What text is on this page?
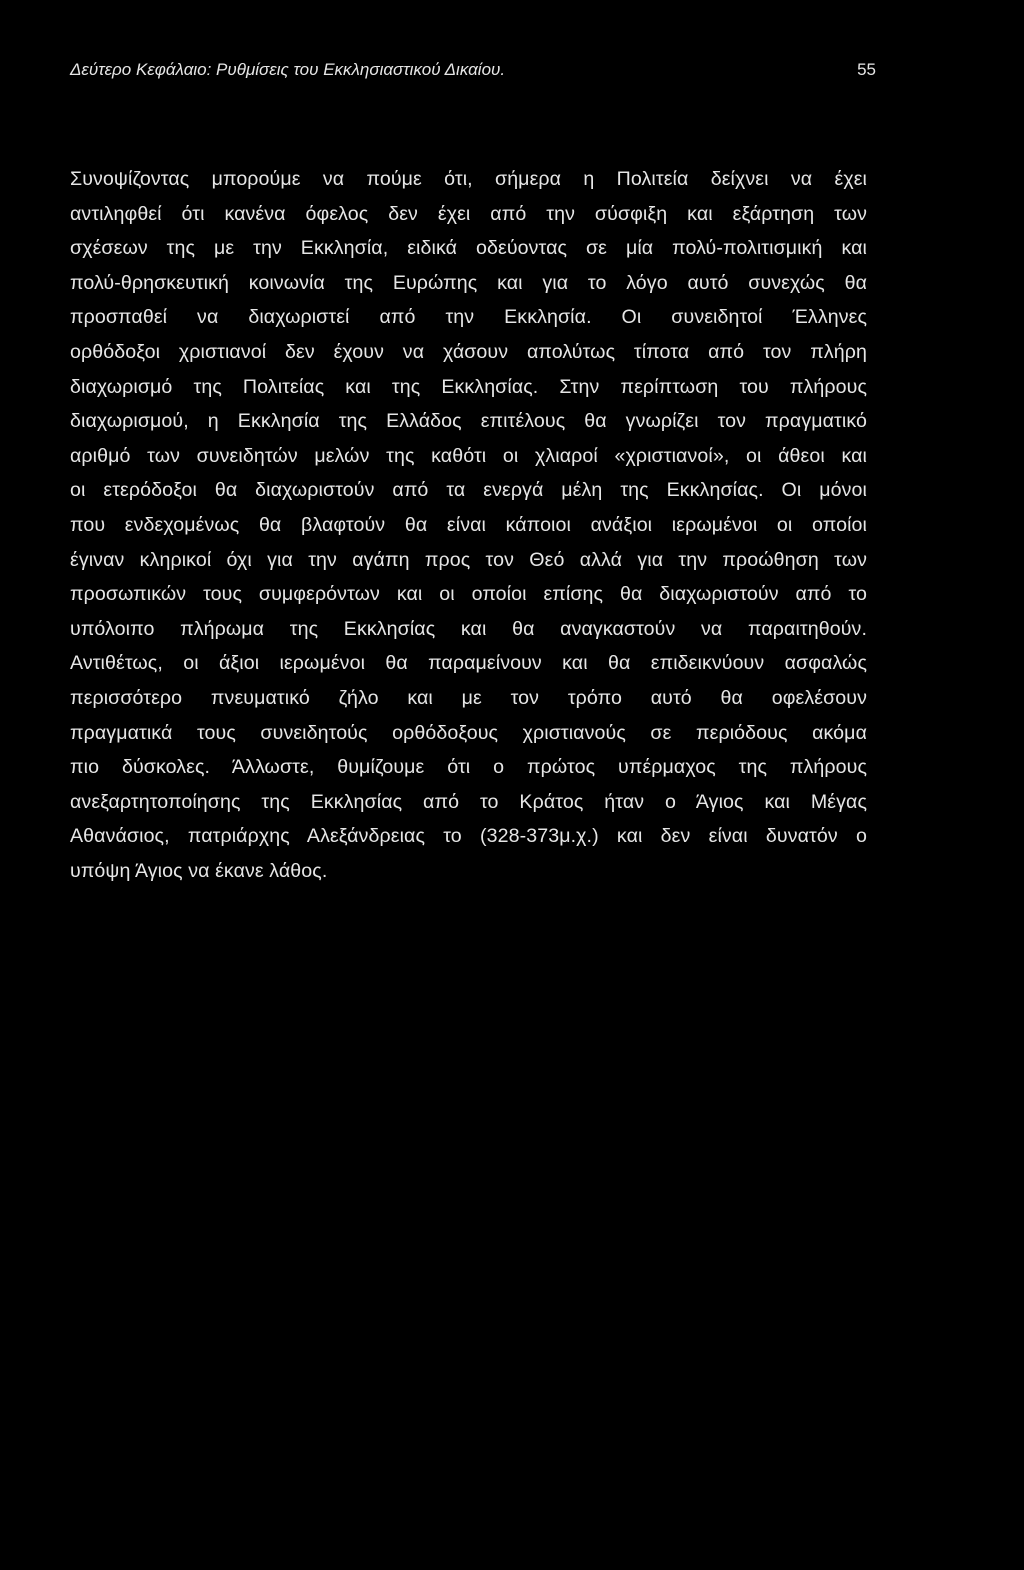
Δεύτερο Κεφάλαιο: Ρυθμίσεις του Εκκλησιαστικού Δικαίου.	55
Συνοψίζοντας μπορούμε να πούμε ότι, σήμερα η Πολιτεία δείχνει να έχει
αντιληφθεί ότι κανένα όφελος δεν έχει από την σύσφιξη και εξάρτηση των
σχέσεων της με την Εκκλησία, ειδικά οδεύοντας σε μία πολύ-πολιτισμική και
πολύ-θρησκευτική κοινωνία της Ευρώπης και για το λόγο αυτό συνεχώς θα
προσπαθεί να διαχωριστεί από την Εκκλησία. Οι συνειδητοί Έλληνες
ορθόδοξοι χριστιανοί δεν έχουν να χάσουν απολύτως τίποτα από τον πλήρη
διαχωρισμό της Πολιτείας και της Εκκλησίας. Στην περίπτωση του πλήρους
διαχωρισμού, η Εκκλησία της Ελλάδος επιτέλους θα γνωρίζει τον πραγματικό
αριθμό των συνειδητών μελών της καθότι οι χλιαροί «χριστιανοί», οι άθεοι και
οι ετερόδοξοι θα διαχωριστούν από τα ενεργά μέλη της Εκκλησίας. Οι μόνοι
που ενδεχομένως θα βλαφτούν θα είναι κάποιοι ανάξιοι ιερωμένοι οι οποίοι
έγιναν κληρικοί όχι για την αγάπη προς τον Θεό αλλά για την προώθηση των
προσωπικών τους συμφερόντων και οι οποίοι επίσης θα διαχωριστούν από το
υπόλοιπο πλήρωμα της Εκκλησίας και θα αναγκαστούν να παραιτηθούν.
Αντιθέτως, οι άξιοι ιερωμένοι θα παραμείνουν και θα επιδεικνύουν ασφαλώς
περισσότερο πνευματικό ζήλο και με τον τρόπο αυτό θα οφελέσουν
πραγματικά τους συνειδητούς ορθόδοξους χριστιανούς σε περιόδους ακόμα
πιο δύσκολες. Άλλωστε, θυμίζουμε ότι ο πρώτος υπέρμαχος της πλήρους
ανεξαρτητοποίησης της Εκκλησίας από το Κράτος ήταν ο Άγιος και Μέγας
Αθανάσιος, πατριάρχης Αλεξάνδρειας το (328-373μ.χ.) και δεν είναι δυνατόν ο
υπόψη Άγιος να έκανε λάθος.
